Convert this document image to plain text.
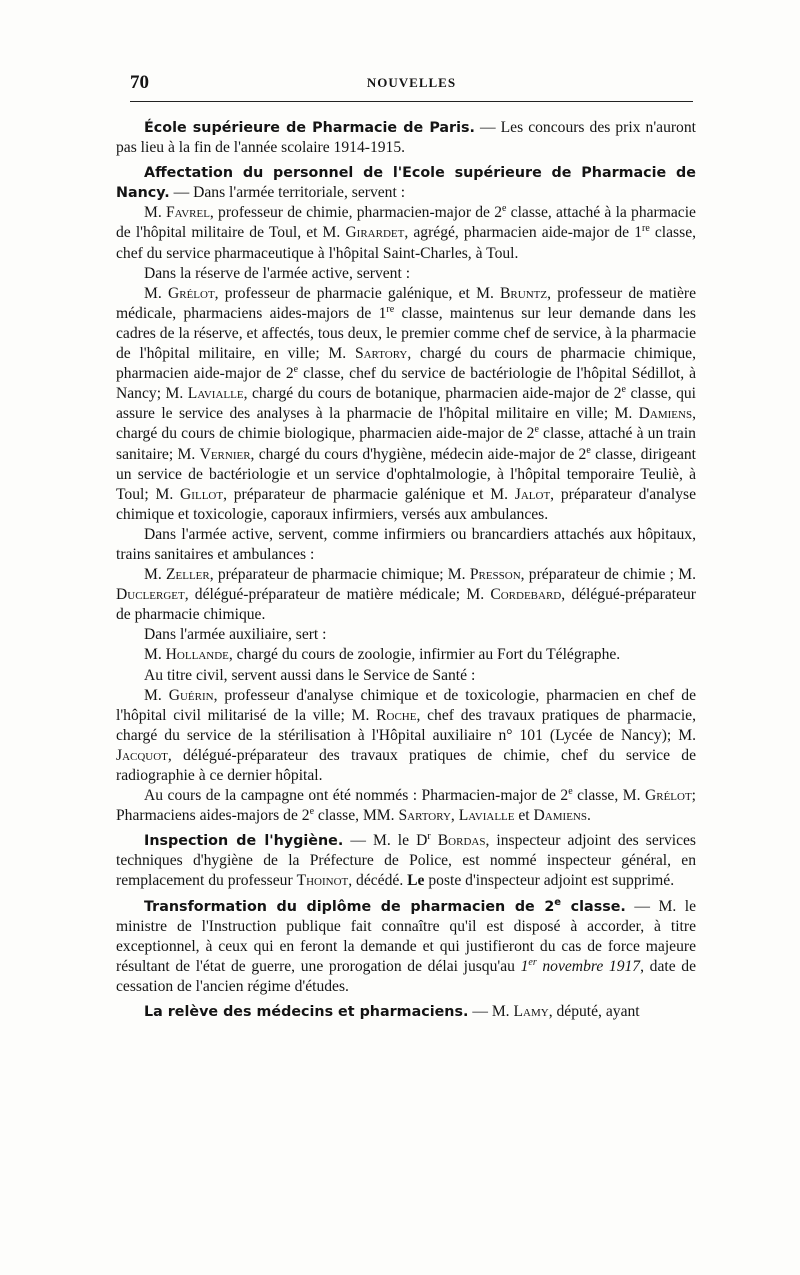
70	NOUVELLES

École supérieure de Pharmacie de Paris. — Les concours des prix n'auront pas lieu à la fin de l'année scolaire 1914-1915.

Affectation du personnel de l'Ecole supérieure de Pharmacie de Nancy. — Dans l'armée territoriale, servent :

M. Favrel, professeur de chimie, pharmacien-major de 2e classe, attaché à la pharmacie de l'hôpital militaire de Toul, et M. Girardet, agrégé, pharmacien aide-major de 1re classe, chef du service pharmaceutique à l'hôpital Saint-Charles, à Toul.

Dans la réserve de l'armée active, servent :

M. Grélot, professeur de pharmacie galénique, et M. Bruntz, professeur de matière médicale, pharmaciens aides-majors de 1re classe, maintenus sur leur demande dans les cadres de la réserve, et affectés, tous deux, le premier comme chef de service, à la pharmacie de l'hôpital militaire, en ville; M. Sartory, chargé du cours de pharmacie chimique, pharmacien aide-major de 2e classe, chef du service de bactériologie de l'hôpital Sédillot, à Nancy; M. Lavialle, chargé du cours de botanique, pharmacien aide-major de 2e classe, qui assure le service des analyses à la pharmacie de l'hôpital militaire en ville; M. Damiens, chargé du cours de chimie biologique, pharmacien aide-major de 2e classe, attaché à un train sanitaire; M. Vernier, chargé du cours d'hygiène, médecin aide-major de 2e classe, dirigeant un service de bactériologie et un service d'ophtalmologie, à l'hôpital temporaire Teuliè, à Toul; M. Gillot, préparateur de pharmacie galénique et M. Jalot, préparateur d'analyse chimique et toxicologie, caporaux infirmiers, versés aux ambulances.

Dans l'armée active, servent, comme infirmiers ou brancardiers attachés aux hôpitaux, trains sanitaires et ambulances :

M. Zeller, préparateur de pharmacie chimique; M. Presson, préparateur de chimie ; M. Duclerget, délégué-préparateur de matière médicale; M. Cordebard, délégué-préparateur de pharmacie chimique.

Dans l'armée auxiliaire, sert :

M. Hollande, chargé du cours de zoologie, infirmier au Fort du Télégraphe.

Au titre civil, servent aussi dans le Service de Santé :

M. Guérin, professeur d'analyse chimique et de toxicologie, pharmacien en chef de l'hôpital civil militarisé de la ville; M. Roche, chef des travaux pratiques de pharmacie, chargé du service de la stérilisation à l'Hôpital auxiliaire n° 101 (Lycée de Nancy); M. Jacquot, délégué-préparateur des travaux pratiques de chimie, chef du service de radiographie à ce dernier hôpital.

Au cours de la campagne ont été nommés : Pharmacien-major de 2e classe, M. Grélot; Pharmaciens aides-majors de 2e classe, MM. Sartory, Lavialle et Damiens.

Inspection de l'hygiène. — M. le $D^r$ Bordas, inspecteur adjoint des services techniques d'hygiène de la Préfecture de Police, est nommé inspecteur général, en remplacement du professeur Thoinot, décédé. Le poste d'inspecteur adjoint est supprimé.

Transformation du diplôme de pharmacien de 2e classe. — M. le ministre de l'Instruction publique fait connaître qu'il est disposé à accorder, à titre exceptionnel, à ceux qui en feront la demande et qui justifieront du cas de force majeure résultant de l'état de guerre, une prorogation de délai jusqu'au 1er novembre 1917, date de cessation de l'ancien régime d'études.

La relève des médecins et pharmaciens. — M. Lamy, député, ayant
